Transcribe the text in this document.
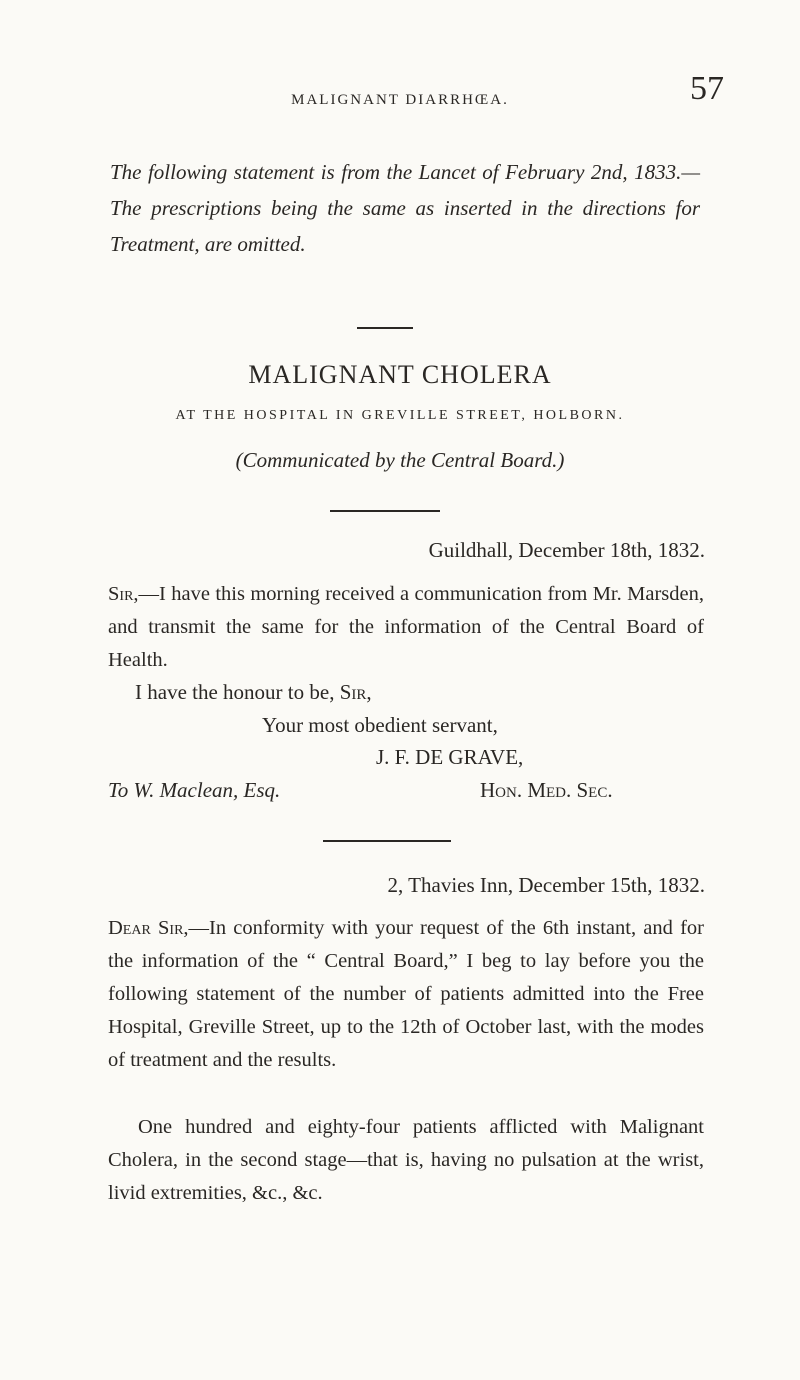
MALIGNANT DIARRHŒA.	57
The following statement is from the Lancet of February 2nd, 1833.—The prescriptions being the same as inserted in the directions for Treatment, are omitted.
MALIGNANT CHOLERA
AT THE HOSPITAL IN GREVILLE STREET, HOLBORN.
(Communicated by the Central Board.)
Guildhall, December 18th, 1832.
Sir,—I have this morning received a communication from Mr. Marsden, and transmit the same for the information of the Central Board of Health.
I have the honour to be, Sir,
Your most obedient servant,
J. F. DE GRAVE,
To W. Maclean, Esq.	Hon. Med. Sec.
2, Thavies Inn, December 15th, 1832.
Dear Sir,—In conformity with your request of the 6th instant, and for the information of the “ Central Board,” I beg to lay before you the following statement of the number of patients admitted into the Free Hospital, Greville Street, up to the 12th of October last, with the modes of treatment and the results.
One hundred and eighty-four patients afflicted with Malignant Cholera, in the second stage—that is, having no pulsation at the wrist, livid extremities, &c., &c.
